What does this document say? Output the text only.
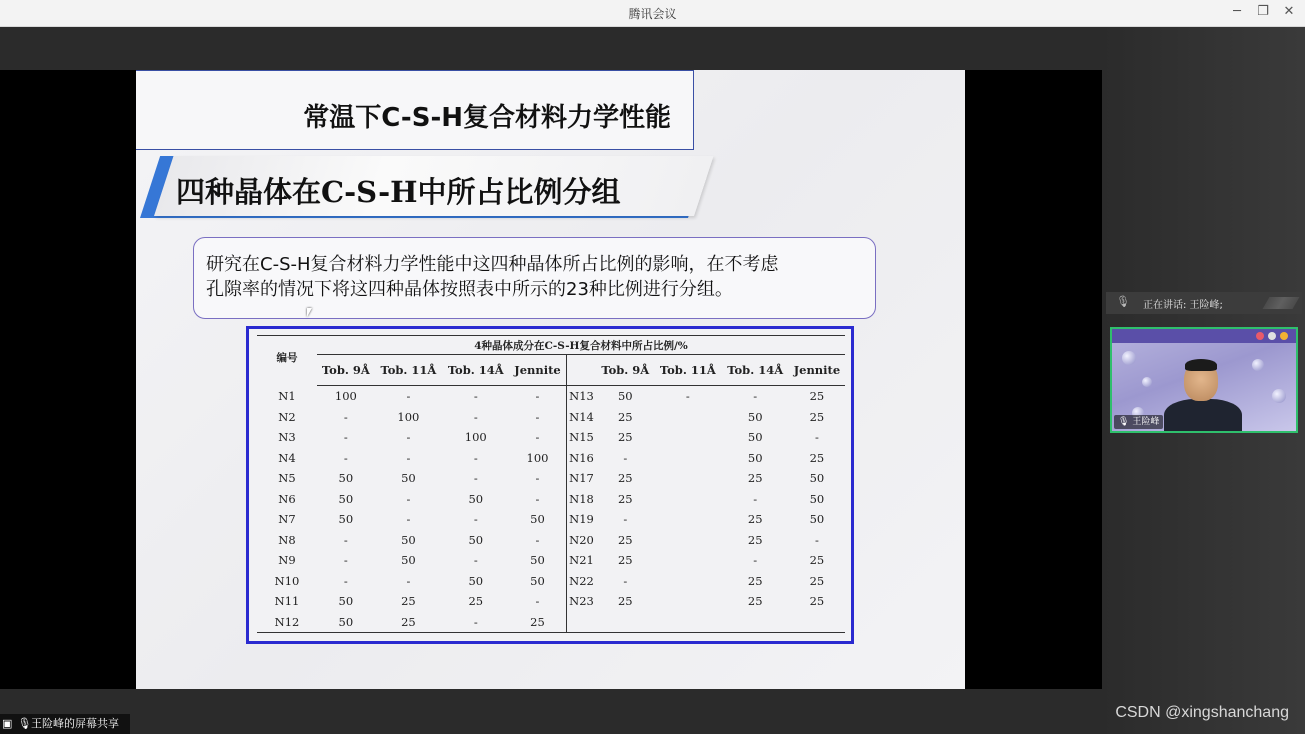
腾讯会议	─	❐ ✕
常温下C-S-H复合材料力学性能
四种晶体在C-S-H中所占比例分组
研究在C-S-H复合材料力学性能中这四种晶体所占比例的影响，在不考虑
孔隙率的情况下将这四种晶体按照表中所示的23种比例进行分组。
编号	4种晶体成分在C-S-H复合材料中所占比例/%								
	Tob. 9Å	Tob. 11Å	Tob. 14Å	Jennite		Tob. 9Å	Tob. 11Å	Tob. 14Å	Jennite
N1	100	-	-	-	N13	50	-	-	25
N2	-	100	-	-	N14	25		50	25
N3	-	-	100	-	N15	25		50	-
N4	-	-	-	100	N16	-		50	25
N5	50	50	-	-	N17	25		25	50
N6	50	-	50	-	N18	25		-	50
N7	50	-	-	50	N19	-		25	50
N8	-	50	50	-	N20	25		25	-
N9	-	50	-	50	N21	25		-	25
N10	-	-	50	50	N22	-		25	25
N11	50	25	25	-	N23	25		25	25
N12	50	25	-	25					
🎙 正在讲话: 王险峰;
🎙 王险峰
▣ 🎙 王险峰的屏幕共享
CSDN @xingshanchang
